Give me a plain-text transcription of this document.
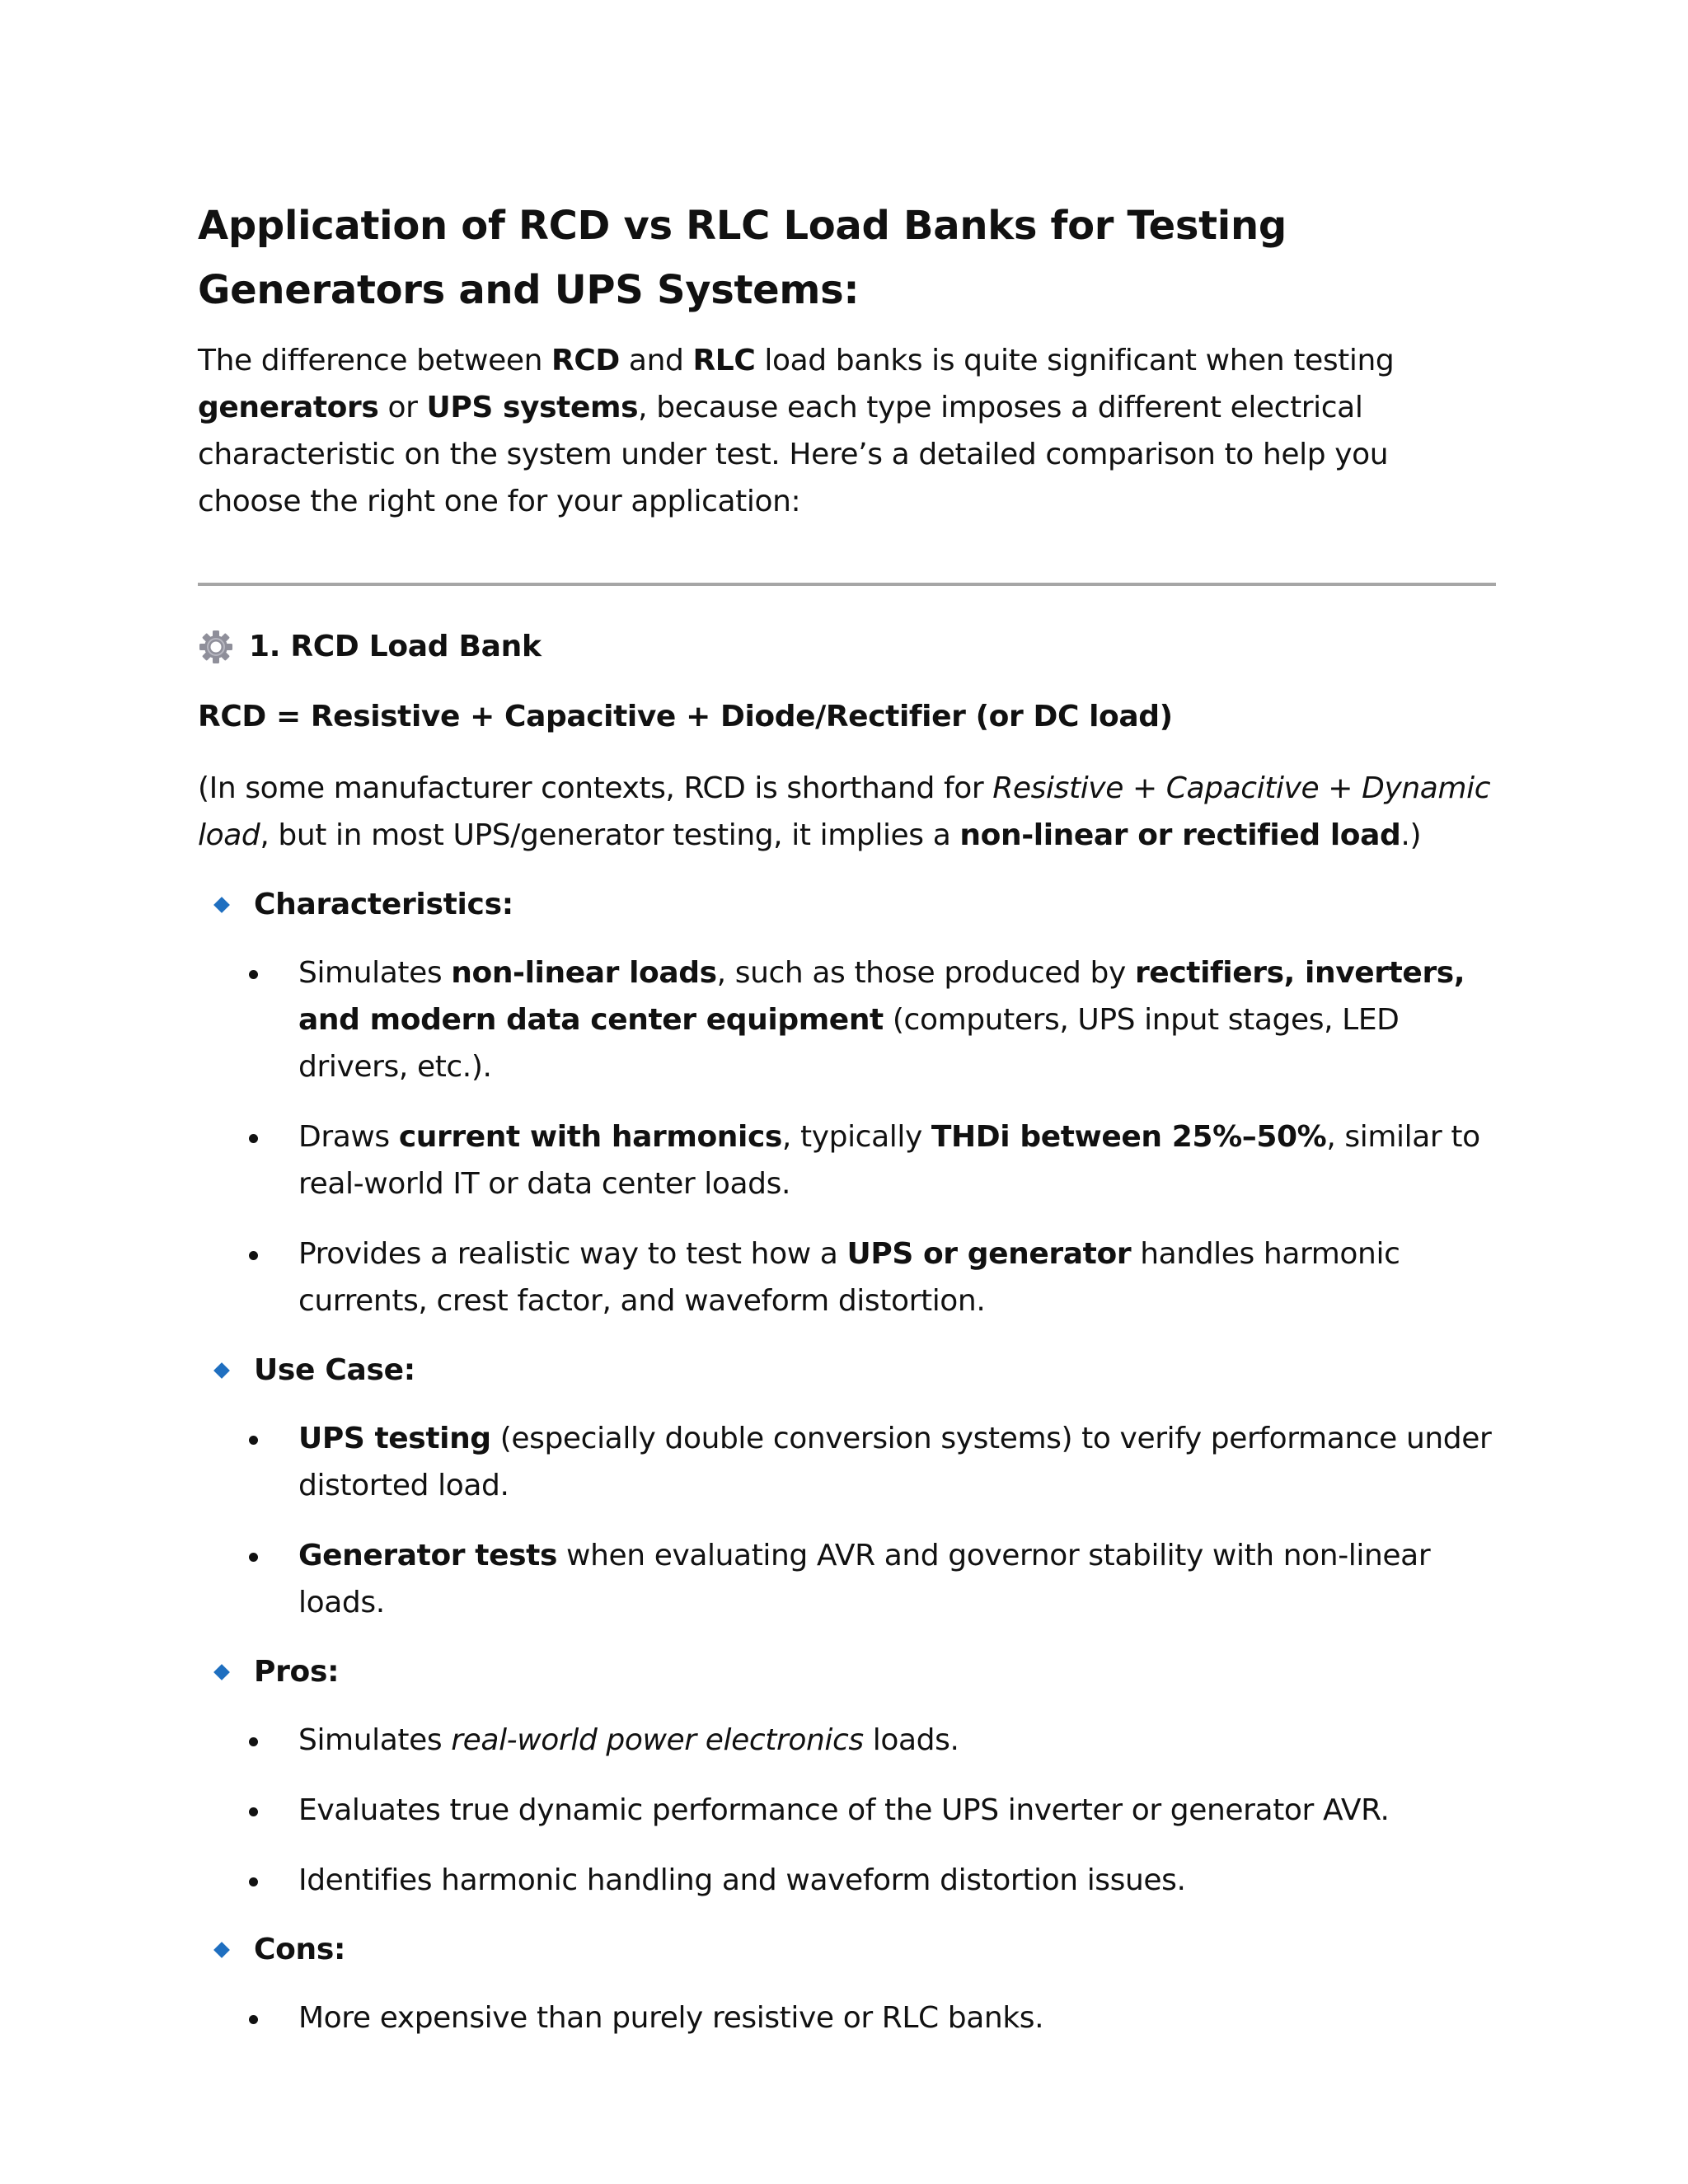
Application of RCD vs RLC Load Banks for Testing Generators and UPS Systems:

The difference between RCD and RLC load banks is quite significant when testing generators or UPS systems, because each type imposes a different electrical characteristic on the system under test. Here’s a detailed comparison to help you choose the right one for your application:

1. RCD Load Bank

RCD = Resistive + Capacitive + Diode/Rectifier (or DC load)

(In some manufacturer contexts, RCD is shorthand for Resistive + Capacitive + Dynamic load, but in most UPS/generator testing, it implies a non-linear or rectified load.)

Characteristics:
Simulates non-linear loads, such as those produced by rectifiers, inverters, and modern data center equipment (computers, UPS input stages, LED drivers, etc.).
Draws current with harmonics, typically THDi between 25%–50%, similar to real-world IT or data center loads.
Provides a realistic way to test how a UPS or generator handles harmonic currents, crest factor, and waveform distortion.
Use Case:
UPS testing (especially double conversion systems) to verify performance under distorted load.
Generator tests when evaluating AVR and governor stability with non-linear loads.
Pros:
Simulates real-world power electronics loads.
Evaluates true dynamic performance of the UPS inverter or generator AVR.
Identifies harmonic handling and waveform distortion issues.
Cons:
More expensive than purely resistive or RLC banks.
